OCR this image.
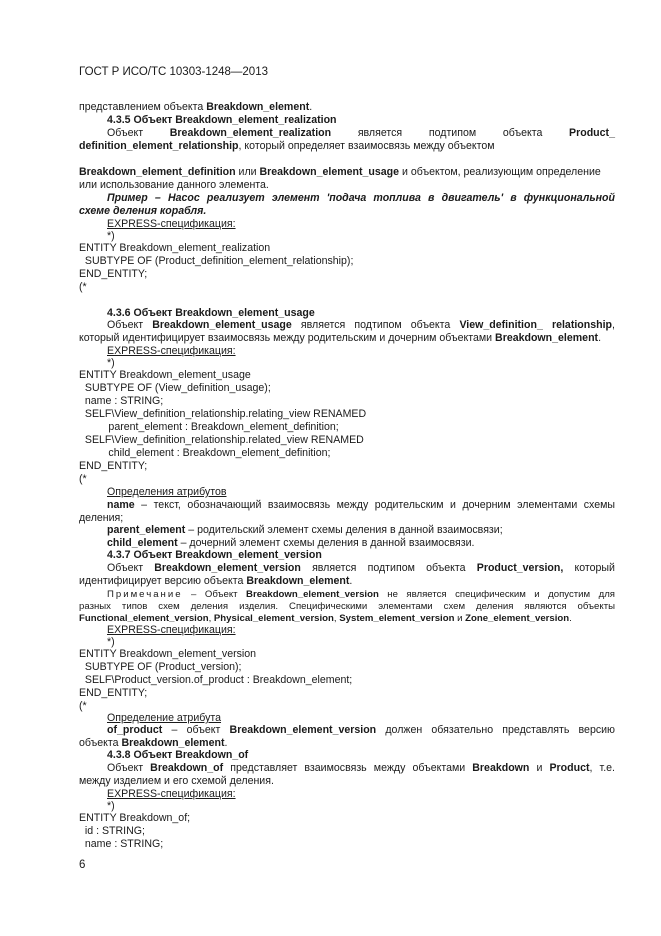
ГОСТ Р ИСО/ТС 10303-1248—2013
представлением объекта Breakdown_element.
4.3.5 Объект Breakdown_element_realization
Объект	Breakdown_element_realization	является	подтипом	объекта	Product_
definition_element_relationship, который определяет взаимосвязь между объектом
Breakdown_element_definition или Breakdown_element_usage и объектом, реализующим определение
или использование данного элемента.
Пример – Насос реализует элемент 'подача топлива в двигатель' в функциональной
схеме деления корабля.
EXPRESS-спецификация:
*)
ENTITY Breakdown_element_realization
SUBTYPE OF (Product_definition_element_relationship);
END_ENTITY;
(*
4.3.6 Объект Breakdown_element_usage
Объект Breakdown_element_usage является подтипом объекта View_definition_ relationship,
который идентифицирует взаимосвязь между родительским и дочерним объектами Breakdown_element.
EXPRESS-спецификация:
*)
ENTITY Breakdown_element_usage
SUBTYPE OF (View_definition_usage);
name : STRING;
SELF\View_definition_relationship.relating_view RENAMED
parent_element : Breakdown_element_definition;
SELF\View_definition_relationship.related_view RENAMED
child_element : Breakdown_element_definition;
END_ENTITY;
(*
Определения атрибутов
name – текст, обозначающий взаимосвязь между родительским и дочерним элементами схемы
деления;
parent_element – родительский элемент схемы деления в данной взаимосвязи;
child_element – дочерний элемент схемы деления в данной взаимосвязи.
4.3.7 Объект Breakdown_element_version
Объект Breakdown_element_version является подтипом объекта Product_version, который
идентифицирует версию объекта Breakdown_element.
Примечание – Объект Breakdown_element_version не является специфическим и допустим для
разных типов схем деления изделия. Специфическими элементами схем деления являются объекты
Functional_element_version, Physical_element_version, System_element_version и Zone_element_version.
EXPRESS-спецификация:
*)
ENTITY Breakdown_element_version
SUBTYPE OF (Product_version);
SELF\Product_version.of_product : Breakdown_element;
END_ENTITY;
(*
Определение атрибута
of_product – объект Breakdown_element_version должен обязательно представлять версию
объекта Breakdown_element.
4.3.8 Объект Breakdown_of
Объект Breakdown_of представляет взаимосвязь между объектами Breakdown и Product, т.е.
между изделием и его схемой деления.
EXPRESS-спецификация:
*)
ENTITY Breakdown_of;
id : STRING;
name : STRING;
6
